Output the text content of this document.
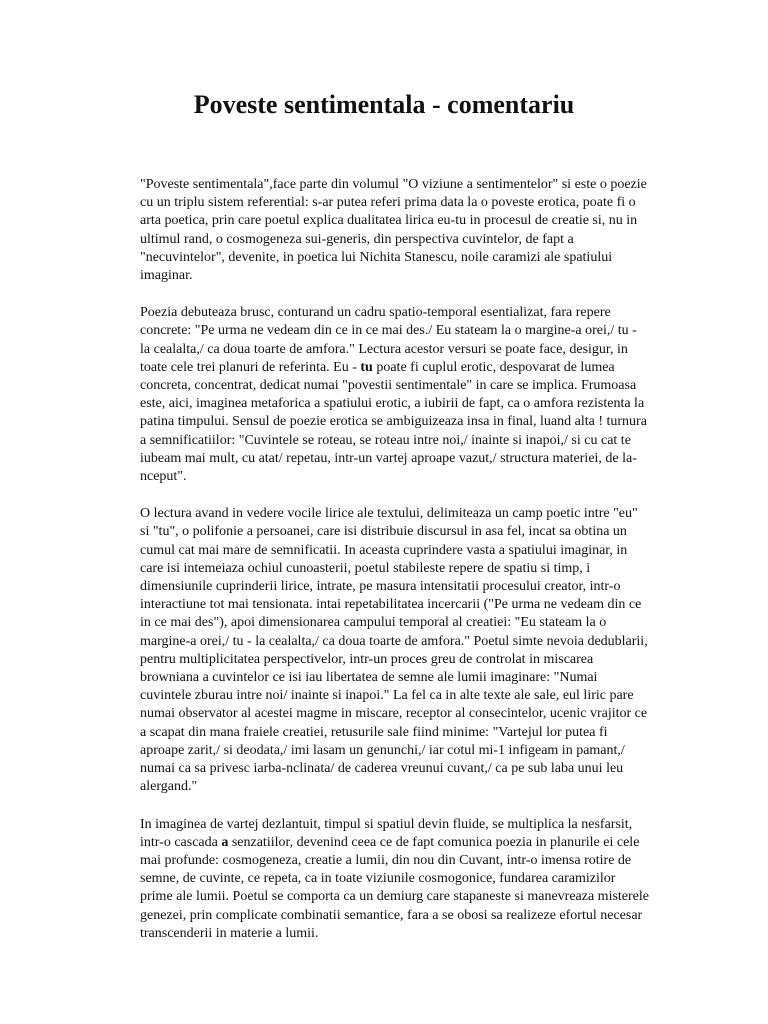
Poveste sentimentala - comentariu

"Poveste sentimentala",face parte din volumul "O viziune a sentimentelor" si este o poezie cu un triplu sistem referential: s-ar putea referi prima data la o poveste erotica, poate fi o arta poetica, prin care poetul explica dualitatea lirica eu-tu in procesul de creatie si, nu in ultimul rand, o cosmogeneza sui-generis, din perspectiva cuvintelor, de fapt a "necuvintelor", devenite, in poetica lui Nichita Stanescu, noile caramizi ale spatiului imaginar.

Poezia debuteaza brusc, conturand un cadru spatio-temporal esentializat, fara repere concrete: "Pe urma ne vedeam din ce in ce mai des./ Eu stateam la o margine-a orei,/ tu - la cealalta,/ ca doua toarte de amfora." Lectura acestor versuri se poate face, desigur, in toate cele trei planuri de referinta. Eu - tu poate fi cuplul erotic, despovarat de lumea concreta, concentrat, dedicat numai "povestii sentimentale" in care se implica. Frumoasa este, aici, imaginea metaforica a spatiului erotic, a iubirii de fapt, ca o amfora rezistenta la patina timpului. Sensul de poezie erotica se ambiguizeaza insa in final, luand alta ! turnura a semnificatiilor: "Cuvintele se roteau, se roteau intre noi,/ inainte si inapoi,/ si cu cat te iubeam mai mult, cu atat/ repetau, intr-un vartej aproape vazut,/ structura materiei, de la-nceput".

O lectura avand in vedere vocile lirice ale textului, delimiteaza un camp poetic intre "eu" si "tu", o polifonie a persoanei, care isi distribuie discursul in asa fel, incat sa obtina un cumul cat mai mare de semnificatii. In aceasta cuprindere vasta a spatiului imaginar, in care isi intemeiaza ochiul cunoasterii, poetul stabileste repere de spatiu si timp, i dimensiunile cuprinderii lirice, intrate, pe masura intensitatii procesului creator, intr-o interactiune tot mai tensionata. intai repetabilitatea incercarii ("Pe urma ne vedeam din ce in ce mai des"), apoi dimensionarea campului temporal al creatiei: "Eu stateam la o margine-a orei,/ tu - la cealalta,/ ca doua toarte de amfora." Poetul simte nevoia dedublarii, pentru multiplicitatea perspectivelor, intr-un proces greu de controlat in miscarea browniana a cuvintelor ce isi iau libertatea de semne ale lumii imaginare: "Numai cuvintele zburau intre noi/ inainte si inapoi." La fel ca in alte texte ale sale, eul liric pare numai observator al acestei magme in miscare, receptor al consecintelor, ucenic vrajitor ce a scapat din mana fraiele creatiei, retusurile sale fiind minime: "Vartejul lor putea fi aproape zarit,/ si deodata,/ imi lasam un genunchi,/ iar cotul mi-1 infigeam in pamant,/ numai ca sa privesc iarba-nclinata/ de caderea vreunui cuvant,/ ca pe sub laba unui leu alergand."

In imaginea de vartej dezlantuit, timpul si spatiul devin fluide, se multiplica la nesfarsit, intr-o cascada a senzatiilor, devenind ceea ce de fapt comunica poezia in planurile ei cele mai profunde: cosmogeneza, creatie a lumii, din nou din Cuvant, intr-o imensa rotire de semne, de cuvinte, ce repeta, ca in toate viziunile cosmogonice, fundarea caramizilor prime ale lumii. Poetul se comporta ca un demiurg care stapaneste si manevreaza misterele genezei, prin complicate combinatii semantice, fara a se obosi sa realizeze efortul necesar transcenderii in materie a lumii.
